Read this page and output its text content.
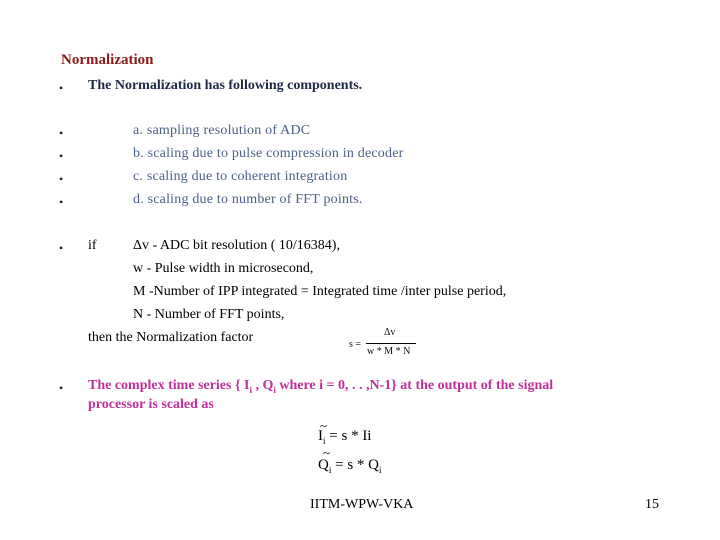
Normalization
• The Normalization has following components.
•	a. sampling resolution of ADC
•	b. scaling due to pulse compression in decoder
•	c. scaling due to coherent integration
•	d. scaling due to number of FFT points.
• if	Δv - ADC bit resolution ( 10/16384),
w - Pulse width in microsecond,
M -Number of IPP integrated = Integrated time /inter pulse period,
N - Number of FFT points,
then the Normalization factor	s =
Δv
w * M * N
• The complex time series { $I_i$ , $Q_i$ where i = 0, . . ,N-1} at the output of the signal
processor is scaled as
~
$I_i = s * Ii$
~
$Q_i = s * Q_i$
IITM-WPW-VKA	15
